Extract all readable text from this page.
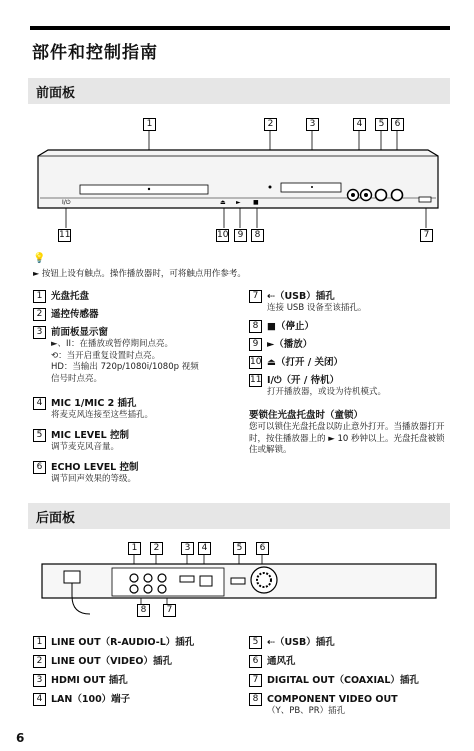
部件和控制指南
前面板
I/⏻	⏏ ► ■
1	2	3	4	5	6
11	10	9	8	7
💡
► 按钮上设有触点。操作播放器时，可将触点用作参考。
1 光盘托盘
2 遥控传感器
3 前面板显示窗
►、II：在播放或暂停期间点亮。
⟲：当开启重复设置时点亮。
HD：当输出 720p/1080i/1080p 视频
信号时点亮。
4 MIC 1/MIC 2 插孔
将麦克风连接至这些插孔。
5 MIC LEVEL 控制
调节麦克风音量。
6 ECHO LEVEL 控制
调节回声效果的等级。
7 ⇠（USB）插孔
连接 USB 设备至该插孔。
8 ■（停止）
9 ►（播放）
10 ⏏（打开 / 关闭）
11 I/⏻（开 / 待机）
打开播放器，或设为待机模式。
要锁住光盘托盘时（童锁）
您可以锁住光盘托盘以防止意外打开。当播放器打开时，按住播放器上的 ► 10 秒钟以上。光盘托盘被锁住或解锁。
后面板
1	2	3	4	5	6
8	7
1 LINE OUT（R-AUDIO-L）插孔
2 LINE OUT（VIDEO）插孔
3 HDMI OUT 插孔
4 LAN（100）端子
5 ⇠（USB）插孔
6 通风孔
7 DIGITAL OUT（COAXIAL）插孔
8 COMPONENT VIDEO OUT
（Y、PB、PR）插孔
6
